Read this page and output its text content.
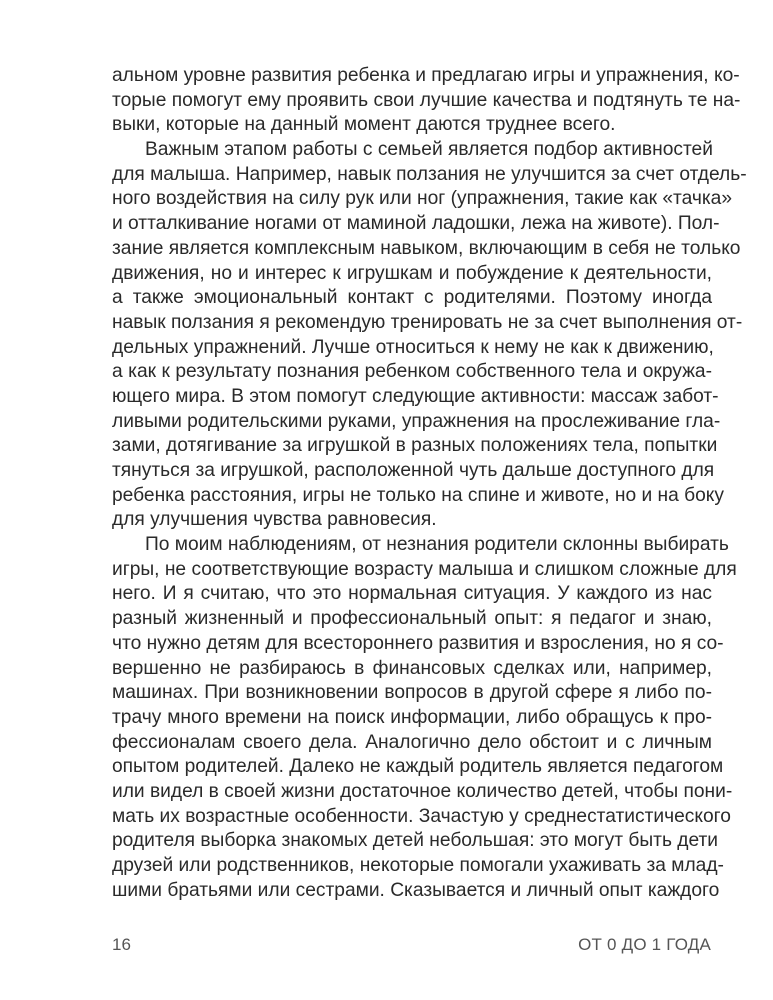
альном уровне развития ребенка и предлагаю игры и упражнения, ко-
торые помогут ему проявить свои лучшие качества и подтянуть те на-
выки, которые на данный момент даются труднее всего.
Важным этапом работы с семьей является подбор активностей
для малыша. Например, навык ползания не улучшится за счет отдель-
ного воздействия на силу рук или ног (упражнения, такие как «тачка»
и отталкивание ногами от маминой ладошки, лежа на животе). Пол-
зание является комплексным навыком, включающим в себя не только
движения, но и интерес к игрушкам и побуждение к деятельности,
а также эмоциональный контакт с родителями. Поэтому иногда
навык ползания я рекомендую тренировать не за счет выполнения от-
дельных упражнений. Лучше относиться к нему не как к движению,
а как к результату познания ребенком собственного тела и окружа-
ющего мира. В этом помогут следующие активности: массаж забот-
ливыми родительскими руками, упражнения на прослеживание гла-
зами, дотягивание за игрушкой в разных положениях тела, попытки
тянуться за игрушкой, расположенной чуть дальше доступного для
ребенка расстояния, игры не только на спине и животе, но и на боку
для улучшения чувства равновесия.
По моим наблюдениям, от незнания родители склонны выбирать
игры, не соответствующие возрасту малыша и слишком сложные для
него. И я считаю, что это нормальная ситуация. У каждого из нас
разный жизненный и профессиональный опыт: я педагог и знаю,
что нужно детям для всестороннего развития и взросления, но я со-
вершенно не разбираюсь в финансовых сделках или, например,
машинах. При возникновении вопросов в другой сфере я либо по-
трачу много времени на поиск информации, либо обращусь к про-
фессионалам своего дела. Аналогично дело обстоит и с личным
опытом родителей. Далеко не каждый родитель является педагогом
или видел в своей жизни достаточное количество детей, чтобы пони-
мать их возрастные особенности. Зачастую у среднестатистического
родителя выборка знакомых детей небольшая: это могут быть дети
друзей или родственников, некоторые помогали ухаживать за млад-
шими братьями или сестрами. Сказывается и личный опыт каждого
16	ОТ 0 ДО 1 ГОДА
